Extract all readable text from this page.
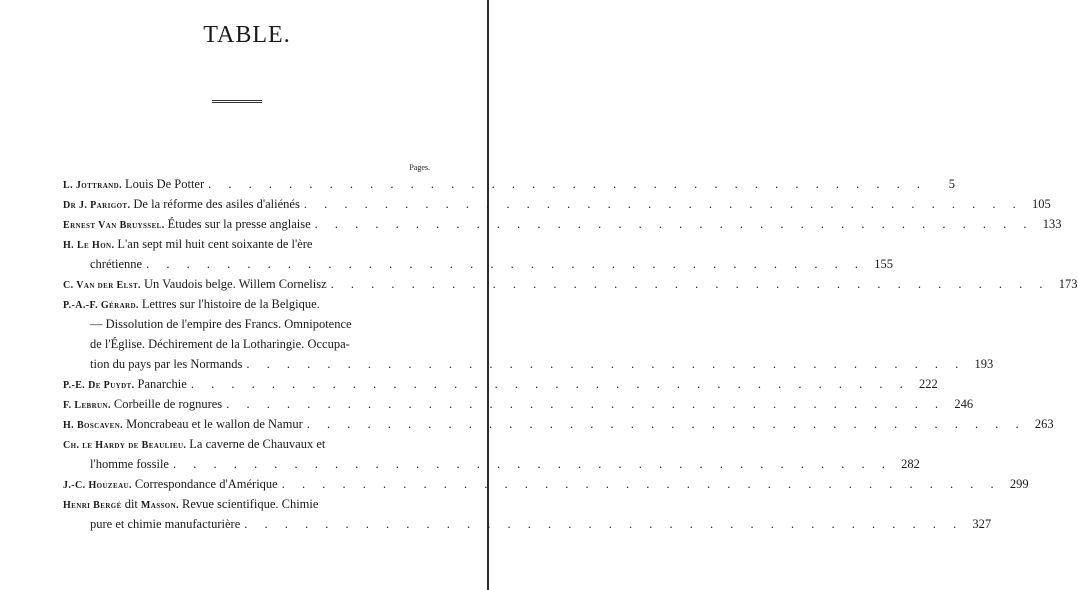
TABLE.
Pages.
L. Jottrand. Louis De Potter . . . . . . . . . . . . . . . . . . . . . . . . . . . . . . . . . . . .	5
Dr J. Parigot. De la réforme des asiles d'aliénés . . . . . . . . . . . . . . . . . . . . . . . . . . . . . . . . . . . . 105
Ernest Van Bruyssel. Études sur la presse anglaise . . . . . . . . . . . . . . . . . . . . . . . . . . . . . . . . . . . . 133
H. Le Hon. L'an sept mil huit cent soixante de l'ère
chrétienne . . . . . . . . . . . . . . . . . . . . . . . . . . . . . . . . . . . . 155
C. Van der Elst. Un Vaudois belge. Willem Cornelisz . . . . . . . . . . . . . . . . . . . . . . . . . . . . . . . . . . . . 173
P.-A.-F. Gérard. Lettres sur l'histoire de la Belgique.
— Dissolution de l'empire des Francs. Omnipotence
de l'Église. Déchirement de la Lotharingie. Occupa-
tion du pays par les Normands . . . . . . . . . . . . . . . . . . . . . . . . . . . . . . . . . . . . 193
P.-E. De Puydt. Panarchie . . . . . . . . . . . . . . . . . . . . . . . . . . . . . . . . . . . . 222
F. Lebrun. Corbeille de rognures . . . . . . . . . . . . . . . . . . . . . . . . . . . . . . . . . . . . 246
H. Boscaven. Moncrabeau et le wallon de Namur . . . . . . . . . . . . . . . . . . . . . . . . . . . . . . . . . . . . 263
Ch. le Hardy de Beaulieu. La caverne de Chauvaux et
l'homme fossile . . . . . . . . . . . . . . . . . . . . . . . . . . . . . . . . . . . . 282
J.-C. Houzeau. Correspondance d'Amérique . . . . . . . . . . . . . . . . . . . . . . . . . . . . . . . . . . . . 299
Henri Bergé dit Masson. Revue scientifique. Chimie
pure et chimie manufacturière . . . . . . . . . . . . . . . . . . . . . . . . . . . . . . . . . . . . 327
